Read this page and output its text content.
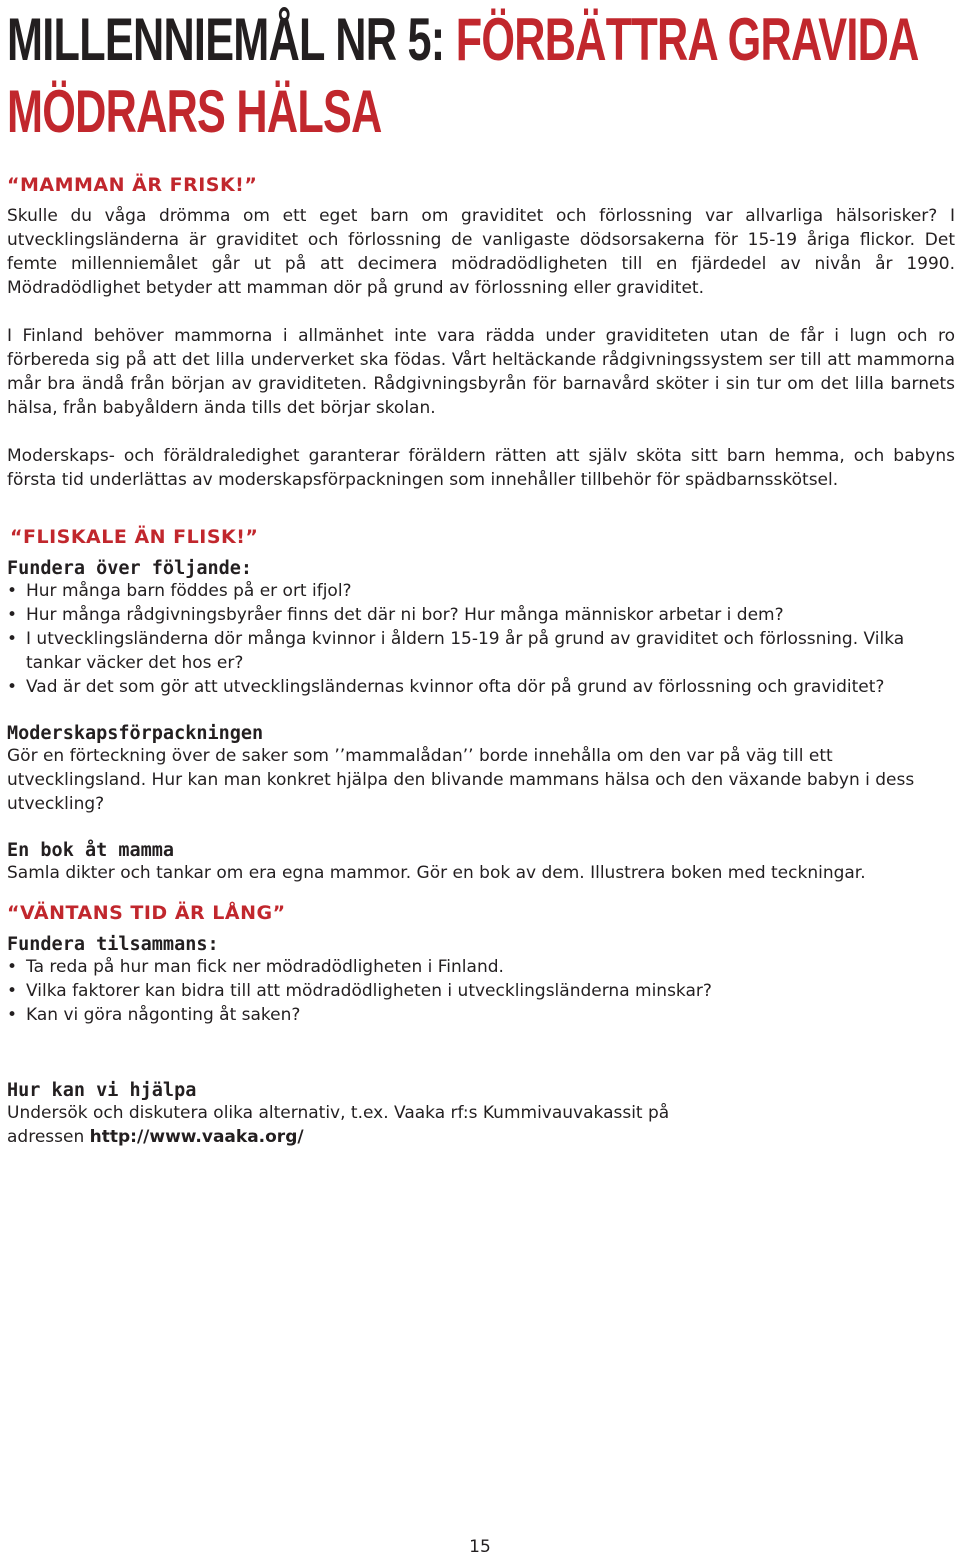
MILLENNIEMÅL NR 5: FÖRBÄTTRA GRAVIDA
MÖDRARS HÄLSA
“MAMMAN ÄR FRISK!”

Skulle du våga drömma om ett eget barn om graviditet och förlossning var allvarliga hälsorisker? I utvecklingsländerna är graviditet och förlossning de vanligaste dödsorsakerna för 15-19 åriga flickor. Det femte millenniemålet går ut på att decimera mödradödligheten till en fjärdedel av nivån år 1990. Mödradödlighet betyder att mamman dör på grund av förlossning eller graviditet.

I Finland behöver mammorna i allmänhet inte vara rädda under graviditeten utan de får i lugn och ro förbereda sig på att det lilla underverket ska födas. Vårt heltäckande rådgivningssystem ser till att mammorna mår bra ändå från början av graviditeten. Rådgivningsbyrån för barnavård sköter i sin tur om det lilla barnets hälsa, från babyåldern ända tills det börjar skolan.

Moderskaps- och föräldraledighet garanterar föräldern rätten att själv sköta sitt barn hemma, och babyns första tid underlättas av moderskapsförpackningen som innehåller tillbehör för spädbarnsskötsel.

“FLISKALE ÄN FLISK!”
Fundera över följande:
• Hur många barn föddes på er ort ifjol?
• Hur många rådgivningsbyråer finns det där ni bor? Hur många människor arbetar i dem?
• I utvecklingsländerna dör många kvinnor i åldern 15-19 år på grund av graviditet och förlossning. Vilka tankar väcker det hos er?
• Vad är det som gör att utvecklingsländernas kvinnor ofta dör på grund av förlossning och graviditet?
Moderskapsförpackningen

Gör en förteckning över de saker som ’’mammalådan’’ borde innehålla om den var på väg till ett utvecklingsland. Hur kan man konkret hjälpa den blivande mammans hälsa och den växande babyn i dess utveckling?

En bok åt mamma

Samla dikter och tankar om era egna mammor. Gör en bok av dem. Illustrera boken med teckningar.

“VÄNTANS TID ÄR LÅNG”
Fundera tilsammans:
• Ta reda på hur man fick ner mödradödligheten i Finland.
• Vilka faktorer kan bidra till att mödradödligheten i utvecklingsländerna minskar?
• Kan vi göra någonting åt saken?
Hur kan vi hjälpa

Undersök och diskutera olika alternativ, t.ex. Vaaka rf:s Kummivauvakassit på adressen http://www.vaaka.org/

15
